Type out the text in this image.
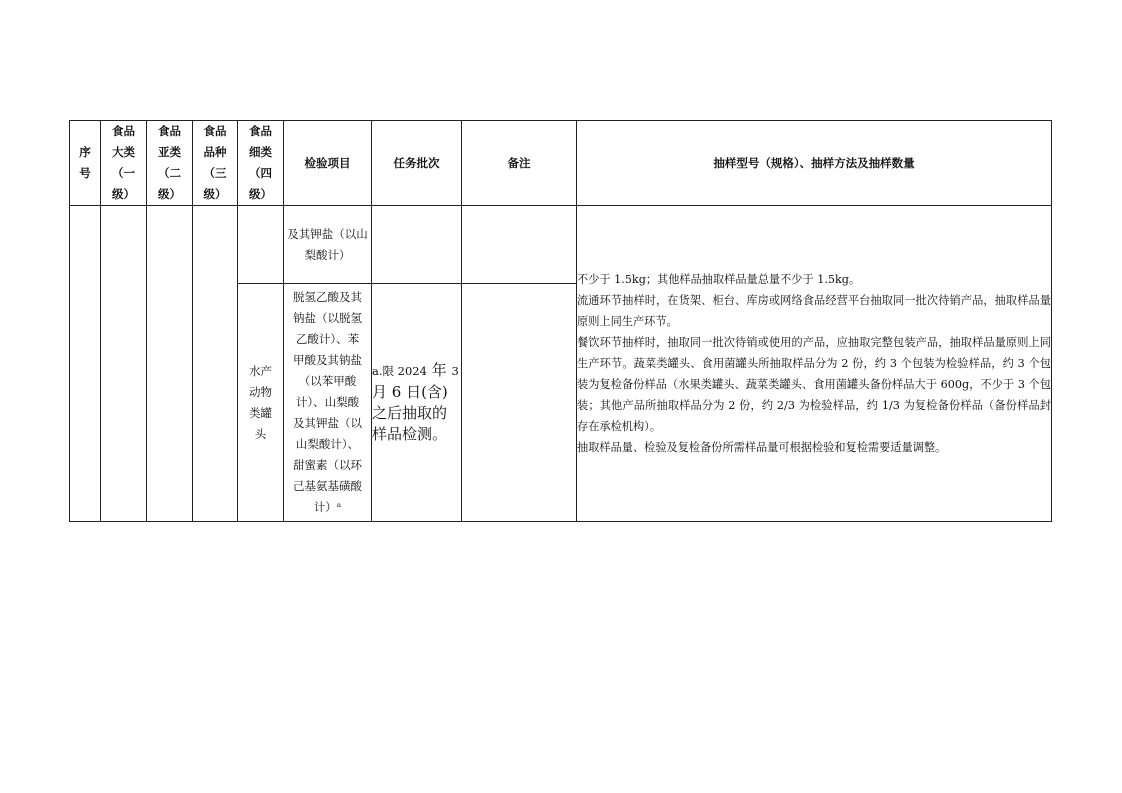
序
号	食品
大类
（一
级）	食品
亚类
（二
级）	食品
品种
（三
级）	食品
细类
（四
级）	检验项目	任务批次	备注	抽样型号（规格）、抽样方法及抽样数量
					及其钾盐（以山梨酸计）			不少于 1.5kg；其他样品抽取样品量总量不少于 1.5kg。

流通环节抽样时，在货架、柜台、库房或网络食品经营平台抽取同一批次待销产品，抽取样品量原则上同生产环节。

餐饮环节抽样时，抽取同一批次待销或使用的产品，应抽取完整包装产品，抽取样品量原则上同生产环节。蔬菜类罐头、食用菌罐头所抽取样品分为 2 份，约 3 个包装为检验样品，约 3 个包装为复检备份样品（水果类罐头、蔬菜类罐头、食用菌罐头备份样品大于 600g，不少于 3 个包装；其他产品所抽取样品分为 2 份，约 2/3 为检验样品，约 1/3 为复检备份样品（备份样品封存在承检机构）。

抽取样品量、检验及复检备份所需样品量可根据检验和复检需要适量调整。

				水产
动物
类罐
头	脱氢乙酸及其钠盐（以脱氢乙酸计）、苯甲酸及其钠盐（以苯甲酸计）、山梨酸及其钾盐（以山梨酸计）、甜蜜素（以环己基氨基磺酸计）ᵃ	a.限 2024 年 3
月 6 日(含)之后抽取的样品检测。		
